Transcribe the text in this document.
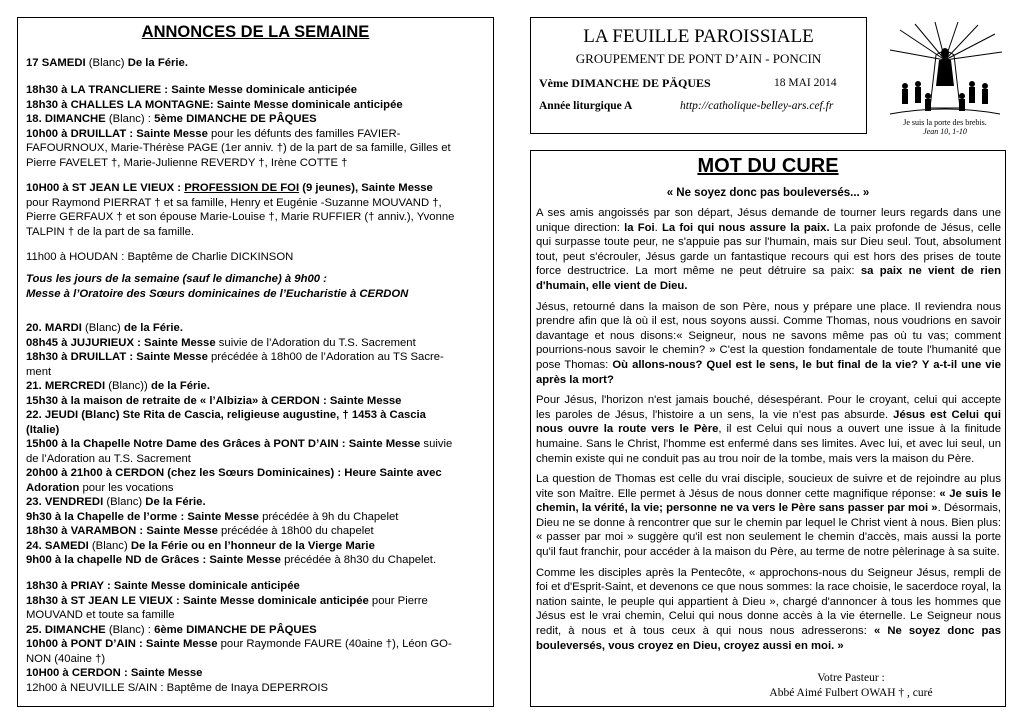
ANNONCES DE LA SEMAINE
17 SAMEDI (Blanc) De la Férie.
18h30 à LA TRANCLIERE : Sainte Messe dominicale anticipée
18h30 à CHALLES LA MONTAGNE: Sainte Messe dominicale anticipée
18. DIMANCHE (Blanc) : 5ème DIMANCHE DE PÂQUES
10h00 à DRUILLAT : Sainte Messe pour les défunts des familles FAVIER-
FAFOURNOUX, Marie-Thérèse PAGE (1er anniv. †) de la part de sa famille, Gilles et
Pierre FAVELET †, Marie-Julienne REVERDY †, Irène COTTE †
10H00 à ST JEAN LE VIEUX : PROFESSION DE FOI (9 jeunes), Sainte Messe
pour Raymond PIERRAT † et sa famille, Henry et Eugénie -Suzanne MOUVAND †,
Pierre GERFAUX † et son épouse Marie-Louise †, Marie RUFFIER († anniv.), Yvonne
TALPIN † de la part de sa famille.
11h00 à HOUDAN : Baptême de Charlie DICKINSON
Tous les jours de la semaine (sauf le dimanche) à 9h00 :
Messe à l’Oratoire des Sœurs dominicaines de l’Eucharistie à CERDON
20. MARDI (Blanc) de la Férie.
08h45 à JUJURIEUX : Sainte Messe suivie de l’Adoration du T.S. Sacrement
18h30 à DRUILLAT : Sainte Messe précédée à 18h00 de l’Adoration au TS Sacre-
ment
21. MERCREDI (Blanc)) de la Férie.
15h30 à la maison de retraite de « l’Albizia» à CERDON : Sainte Messe
22. JEUDI (Blanc) Ste Rita de Cascia, religieuse augustine, † 1453 à Cascia
(Italie)
15h00 à la Chapelle Notre Dame des Grâces à PONT D’AIN : Sainte Messe suivie
de l’Adoration au T.S. Sacrement
20h00 à 21h00 à CERDON (chez les Sœurs Dominicaines) : Heure Sainte avec
Adoration pour les vocations
23. VENDREDI (Blanc) De la Férie.
9h30 à la Chapelle de l’orme : Sainte Messe précédée à 9h du Chapelet
18h30 à VARAMBON : Sainte Messe précédée à 18h00 du chapelet
24. SAMEDI (Blanc) De la Férie ou en l’honneur de la Vierge Marie
9h00 à la chapelle ND de Grâces : Sainte Messe précédée à 8h30 du Chapelet.
18h30 à PRIAY : Sainte Messe dominicale anticipée
18h30 à ST JEAN LE VIEUX : Sainte Messe dominicale anticipée pour Pierre
MOUVAND et toute sa famille
25. DIMANCHE (Blanc) : 6ème DIMANCHE DE PÂQUES
10h00 à PONT D’AIN : Sainte Messe pour Raymonde FAURE (40aine †), Léon GO-
NON (40aine †)
10H00 à CERDON : Sainte Messe
12h00 à NEUVILLE S/AIN : Baptême de Inaya DEPERROIS
LA FEUILLE PAROISSIALE
GROUPEMENT DE PONT D’AIN - PONCIN
Vème DIMANCHE DE PÄQUES	18 MAI 2014
Année liturgique A	http://catholique-belley-ars.cef.fr
Je suis la porte des brebis.
Jean 10, 1-10
MOT DU CURE
« Ne soyez donc pas bouleversés... »

A ses amis angoissés par son départ, Jésus demande de tourner leurs regards dans une unique direction: la Foi. La foi qui nous assure la paix. La paix profonde de Jésus, celle qui surpasse toute peur, ne s'appuie pas sur l'humain, mais sur Dieu seul. Tout, absolument tout, peut s'écrouler, Jésus garde un fantastique recours qui est hors des prises de toute force destructrice. La mort même ne peut détruire sa paix: sa paix ne vient de rien d'humain, elle vient de Dieu.

Jésus, retourné dans la maison de son Père, nous y prépare une place. Il reviendra nous prendre afin que là où il est, nous soyons aussi. Comme Thomas, nous voudrions en savoir davantage et nous disons:« Seigneur, nous ne savons même pas où tu vas; comment pourrions-nous savoir le chemin? » C'est la question fondamentale de toute l'humanité que pose Thomas: Où allons-nous? Quel est le sens, le but final de la vie? Y a-t-il une vie après la mort?

Pour Jésus, l'horizon n'est jamais bouché, désespérant. Pour le croyant, celui qui accepte les paroles de Jésus, l'histoire a un sens, la vie n'est pas absurde. Jésus est Celui qui nous ouvre la route vers le Père, il est Celui qui nous a ouvert une issue à la finitude humaine. Sans le Christ, l'homme est enfermé dans ses limites. Avec lui, et avec lui seul, un chemin existe qui ne conduit pas au trou noir de la tombe, mais vers la maison du Père.

La question de Thomas est celle du vrai disciple, soucieux de suivre et de rejoindre au plus vite son Maître. Elle permet à Jésus de nous donner cette magnifique réponse: « Je suis le chemin, la vérité, la vie; personne ne va vers le Père sans passer par moi ». Désormais, Dieu ne se donne à rencontrer que sur le chemin par lequel le Christ vient à nous. Bien plus: « passer par moi » suggère qu'il est non seulement le chemin d'accès, mais aussi la porte qu'il faut franchir, pour accéder à la maison du Père, au terme de notre pèlerinage à sa suite.

Comme les disciples après la Pentecôte, « approchons-nous du Seigneur Jésus, rempli de foi et d'Esprit-Saint, et devenons ce que nous sommes: la race choisie, le sacerdoce royal, la nation sainte, le peuple qui appartient à Dieu », chargé d'annoncer à tous les hommes que Jésus est le vrai chemin, Celui qui nous donne accès à la vie éternelle. Le Seigneur nous redit, à nous et à tous ceux à qui nous nous adresserons: « Ne soyez donc pas bouleversés, vous croyez en Dieu, croyez aussi en moi. »

Votre Pasteur :
Abbé Aimé Fulbert OWAH † , curé
